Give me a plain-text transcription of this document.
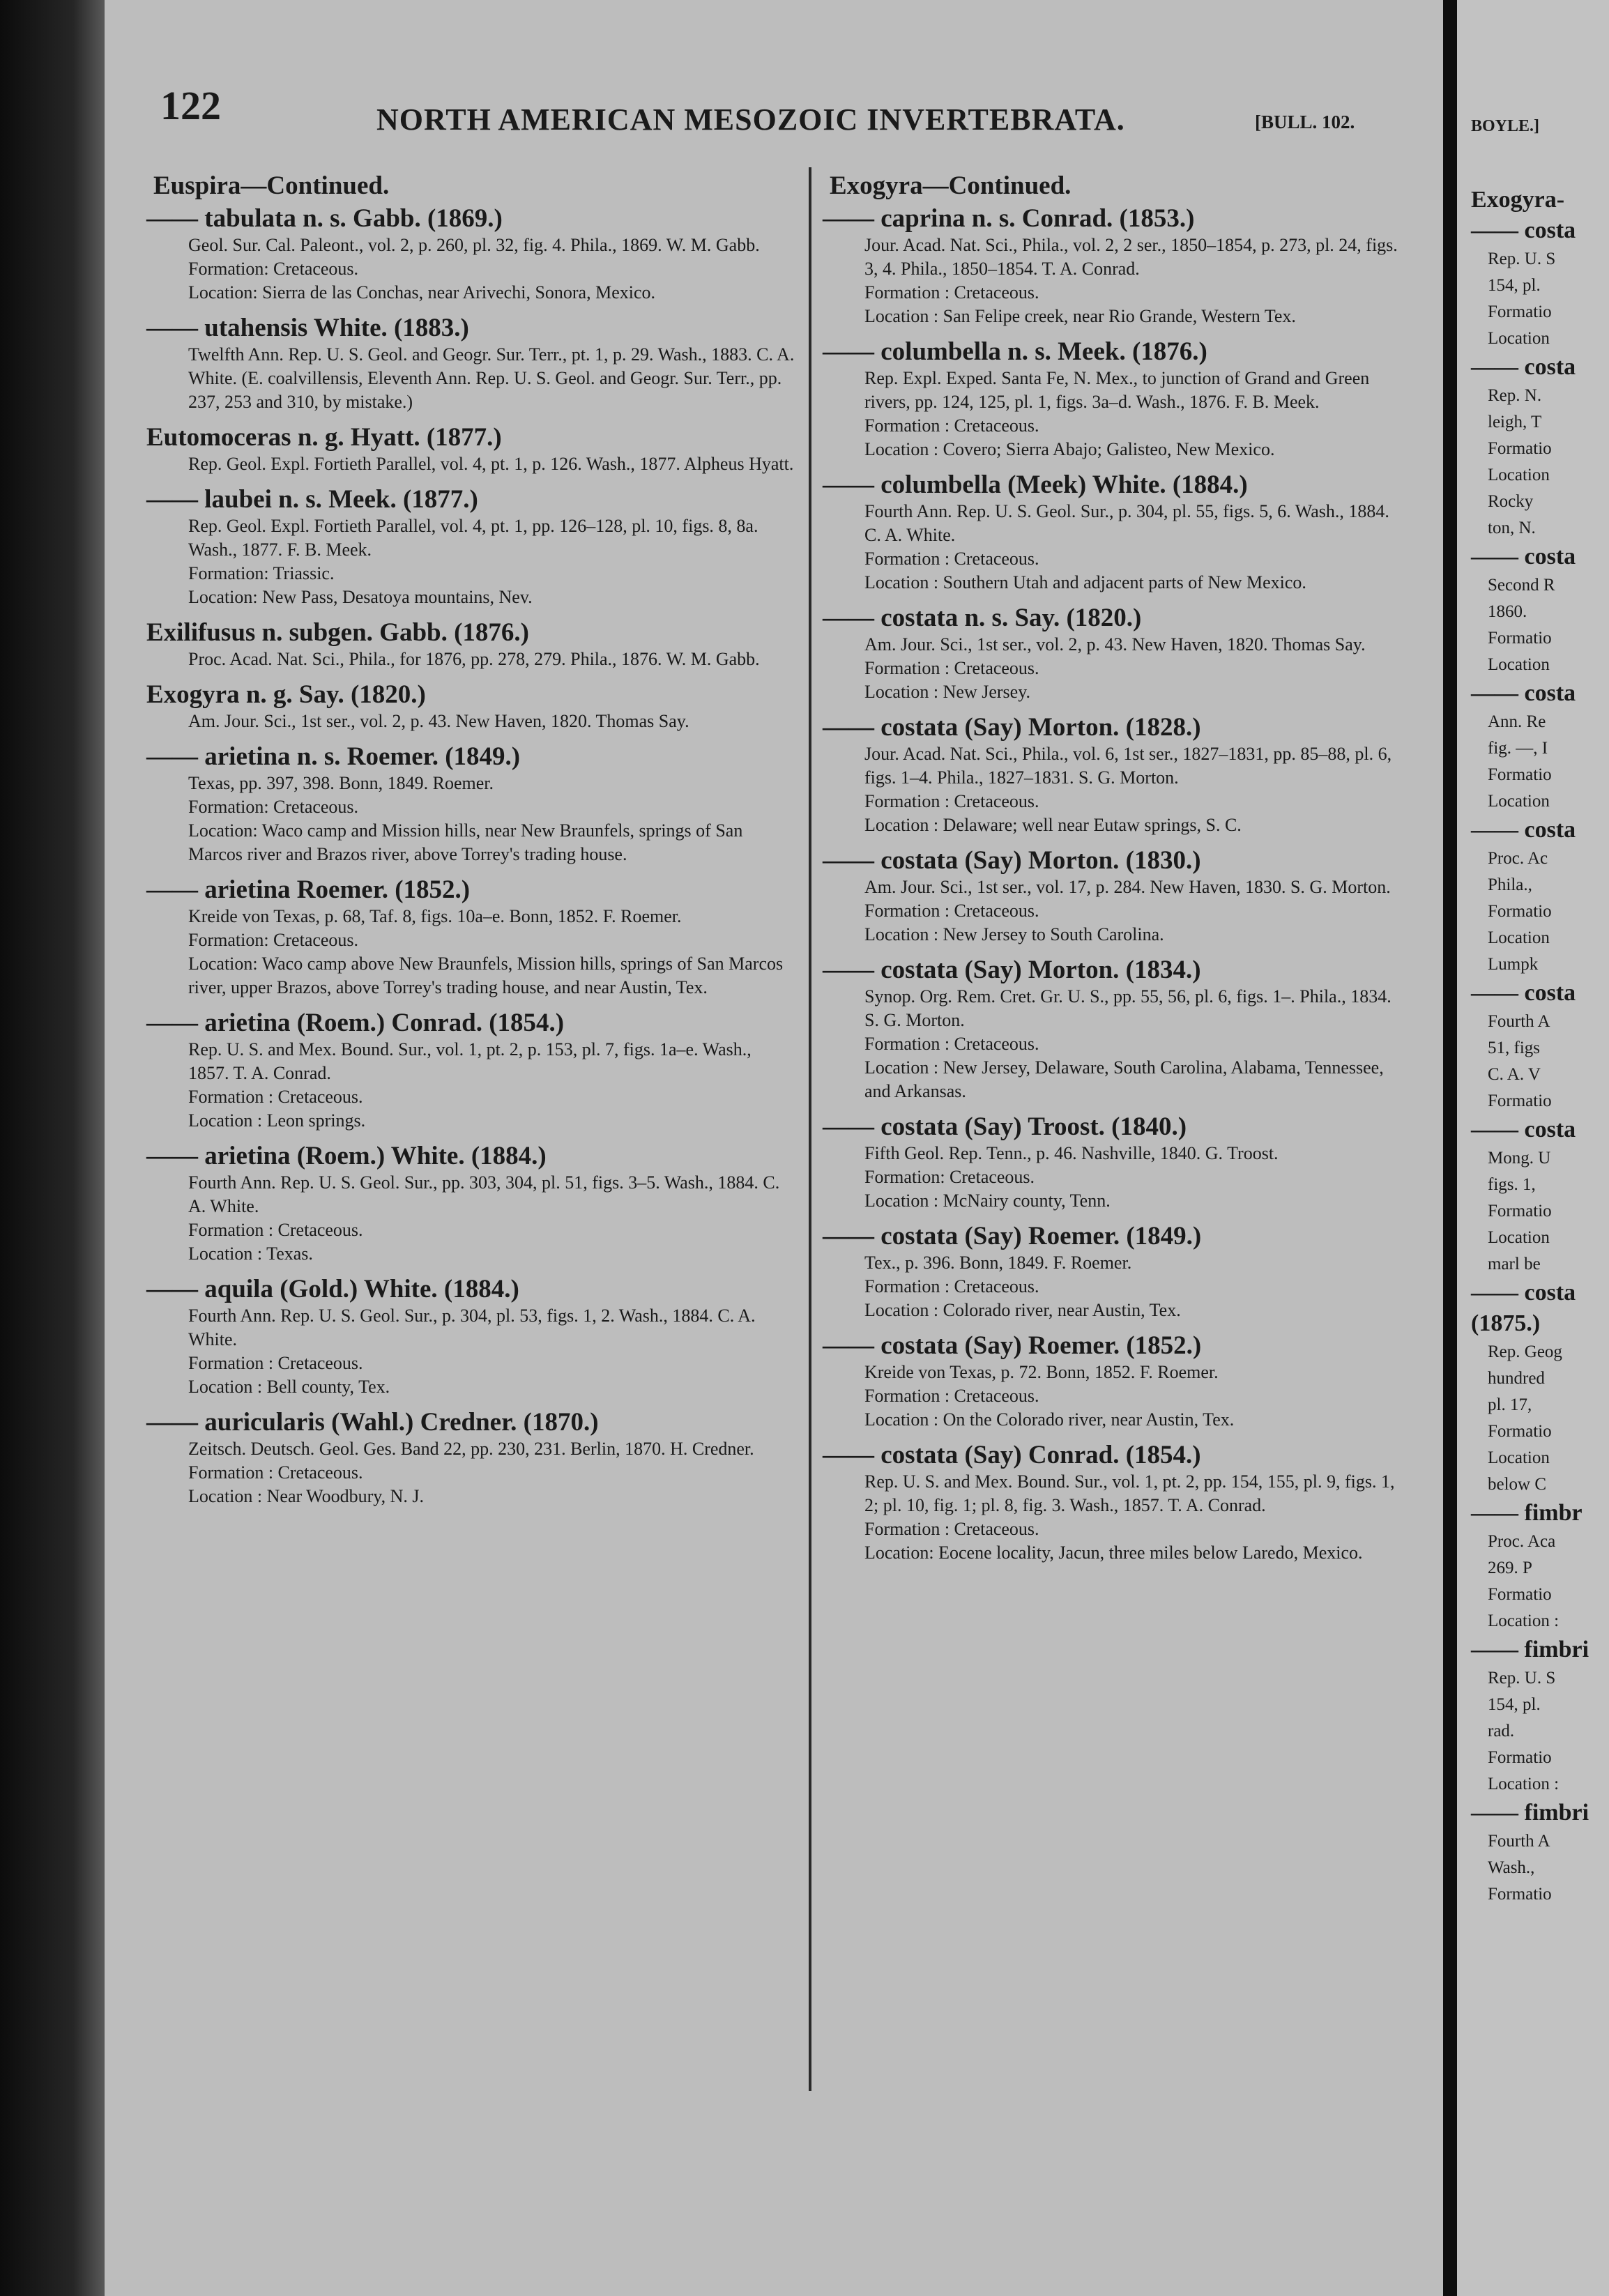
122	NORTH AMERICAN MESOZOIC INVERTEBRATA.	[BULL. 102.
Euspira—Continued.
—— tabulata n. s. Gabb. (1869.)
Geol. Sur. Cal. Paleont., vol. 2, p. 260, pl. 32, fig. 4. Phila., 1869. W. M. Gabb.
Formation: Cretaceous.
Location: Sierra de las Conchas, near Arivechi, Sonora, Mexico.
—— utahensis White. (1883.)
Twelfth Ann. Rep. U. S. Geol. and Geogr. Sur. Terr., pt. 1, p. 29. Wash., 1883. C. A. White. (E. coalvillensis, Eleventh Ann. Rep. U. S. Geol. and Geogr. Sur. Terr., pp. 237, 253 and 310, by mistake.)
Eutomoceras n. g. Hyatt. (1877.)
Rep. Geol. Expl. Fortieth Parallel, vol. 4, pt. 1, p. 126. Wash., 1877. Alpheus Hyatt.
—— laubei n. s. Meek. (1877.)
Rep. Geol. Expl. Fortieth Parallel, vol. 4, pt. 1, pp. 126–128, pl. 10, figs. 8, 8a. Wash., 1877. F. B. Meek.
Formation: Triassic.
Location: New Pass, Desatoya mountains, Nev.
Exilifusus n. subgen. Gabb. (1876.)
Proc. Acad. Nat. Sci., Phila., for 1876, pp. 278, 279. Phila., 1876. W. M. Gabb.
Exogyra n. g. Say. (1820.)
Am. Jour. Sci., 1st ser., vol. 2, p. 43. New Haven, 1820. Thomas Say.
—— arietina n. s. Roemer. (1849.)
Texas, pp. 397, 398. Bonn, 1849. Roemer.
Formation: Cretaceous.
Location: Waco camp and Mission hills, near New Braunfels, springs of San Marcos river and Brazos river, above Torrey's trading house.
—— arietina Roemer. (1852.)
Kreide von Texas, p. 68, Taf. 8, figs. 10a–e. Bonn, 1852. F. Roemer.
Formation: Cretaceous.
Location: Waco camp above New Braunfels, Mission hills, springs of San Marcos river, upper Brazos, above Torrey's trading house, and near Austin, Tex.
—— arietina (Roem.) Conrad. (1854.)
Rep. U. S. and Mex. Bound. Sur., vol. 1, pt. 2, p. 153, pl. 7, figs. 1a–e. Wash., 1857. T. A. Conrad.
Formation : Cretaceous.
Location : Leon springs.
—— arietina (Roem.) White. (1884.)
Fourth Ann. Rep. U. S. Geol. Sur., pp. 303, 304, pl. 51, figs. 3–5. Wash., 1884. C. A. White.
Formation : Cretaceous.
Location : Texas.
—— aquila (Gold.) White. (1884.)
Fourth Ann. Rep. U. S. Geol. Sur., p. 304, pl. 53, figs. 1, 2. Wash., 1884. C. A. White.
Formation : Cretaceous.
Location : Bell county, Tex.
—— auricularis (Wahl.) Credner. (1870.)
Zeitsch. Deutsch. Geol. Ges. Band 22, pp. 230, 231. Berlin, 1870. H. Credner.
Formation : Cretaceous.
Location : Near Woodbury, N. J.
Exogyra—Continued.
—— caprina n. s. Conrad. (1853.)
Jour. Acad. Nat. Sci., Phila., vol. 2, 2 ser., 1850–1854, p. 273, pl. 24, figs. 3, 4. Phila., 1850–1854. T. A. Conrad.
Formation : Cretaceous.
Location : San Felipe creek, near Rio Grande, Western Tex.
—— columbella n. s. Meek. (1876.)
Rep. Expl. Exped. Santa Fe, N. Mex., to junction of Grand and Green rivers, pp. 124, 125, pl. 1, figs. 3a–d. Wash., 1876. F. B. Meek.
Formation : Cretaceous.
Location : Covero; Sierra Abajo; Galisteo, New Mexico.
—— columbella (Meek) White. (1884.)
Fourth Ann. Rep. U. S. Geol. Sur., p. 304, pl. 55, figs. 5, 6. Wash., 1884. C. A. White.
Formation : Cretaceous.
Location : Southern Utah and adjacent parts of New Mexico.
—— costata n. s. Say. (1820.)
Am. Jour. Sci., 1st ser., vol. 2, p. 43. New Haven, 1820. Thomas Say.
Formation : Cretaceous.
Location : New Jersey.
—— costata (Say) Morton. (1828.)
Jour. Acad. Nat. Sci., Phila., vol. 6, 1st ser., 1827–1831, pp. 85–88, pl. 6, figs. 1–4. Phila., 1827–1831. S. G. Morton.
Formation : Cretaceous.
Location : Delaware; well near Eutaw springs, S. C.
—— costata (Say) Morton. (1830.)
Am. Jour. Sci., 1st ser., vol. 17, p. 284. New Haven, 1830. S. G. Morton.
Formation : Cretaceous.
Location : New Jersey to South Carolina.
—— costata (Say) Morton. (1834.)
Synop. Org. Rem. Cret. Gr. U. S., pp. 55, 56, pl. 6, figs. 1–. Phila., 1834. S. G. Morton.
Formation : Cretaceous.
Location : New Jersey, Delaware, South Carolina, Alabama, Tennessee, and Arkansas.
—— costata (Say) Troost. (1840.)
Fifth Geol. Rep. Tenn., p. 46. Nashville, 1840. G. Troost.
Formation: Cretaceous.
Location : McNairy county, Tenn.
—— costata (Say) Roemer. (1849.)
Tex., p. 396. Bonn, 1849. F. Roemer.
Formation : Cretaceous.
Location : Colorado river, near Austin, Tex.
—— costata (Say) Roemer. (1852.)
Kreide von Texas, p. 72. Bonn, 1852. F. Roemer.
Formation : Cretaceous.
Location : On the Colorado river, near Austin, Tex.
—— costata (Say) Conrad. (1854.)
Rep. U. S. and Mex. Bound. Sur., vol. 1, pt. 2, pp. 154, 155, pl. 9, figs. 1, 2; pl. 10, fig. 1; pl. 8, fig. 3. Wash., 1857. T. A. Conrad.
Formation : Cretaceous.
Location: Eocene locality, Jacun, three miles below Laredo, Mexico.
BOYLE.]
Exogyra-
—— costa
Rep. U. S
154, pl.
Formatio
Location
—— costa
Rep. N.
leigh, T
Formatio
Location
Rocky
ton, N.
—— costa
Second R
1860.
Formatio
Location
—— costa
Ann. Re
fig. —, I
Formatio
Location
—— costa
Proc. Ac
Phila.,
Formatio
Location
Lumpk
—— costa
Fourth A
51, figs
C. A. V
Formatio
—— costa
Mong. U
figs. 1,
Formatio
Location
marl be
—— costa
(1875.)
Rep. Geog
hundred
pl. 17,
Formatio
Location
below C
—— fimbr
Proc. Aca
269. P
Formatio
Location :
—— fimbri
Rep. U. S
154, pl.
rad.
Formatio
Location :
—— fimbri
Fourth A
Wash.,
Formatio
